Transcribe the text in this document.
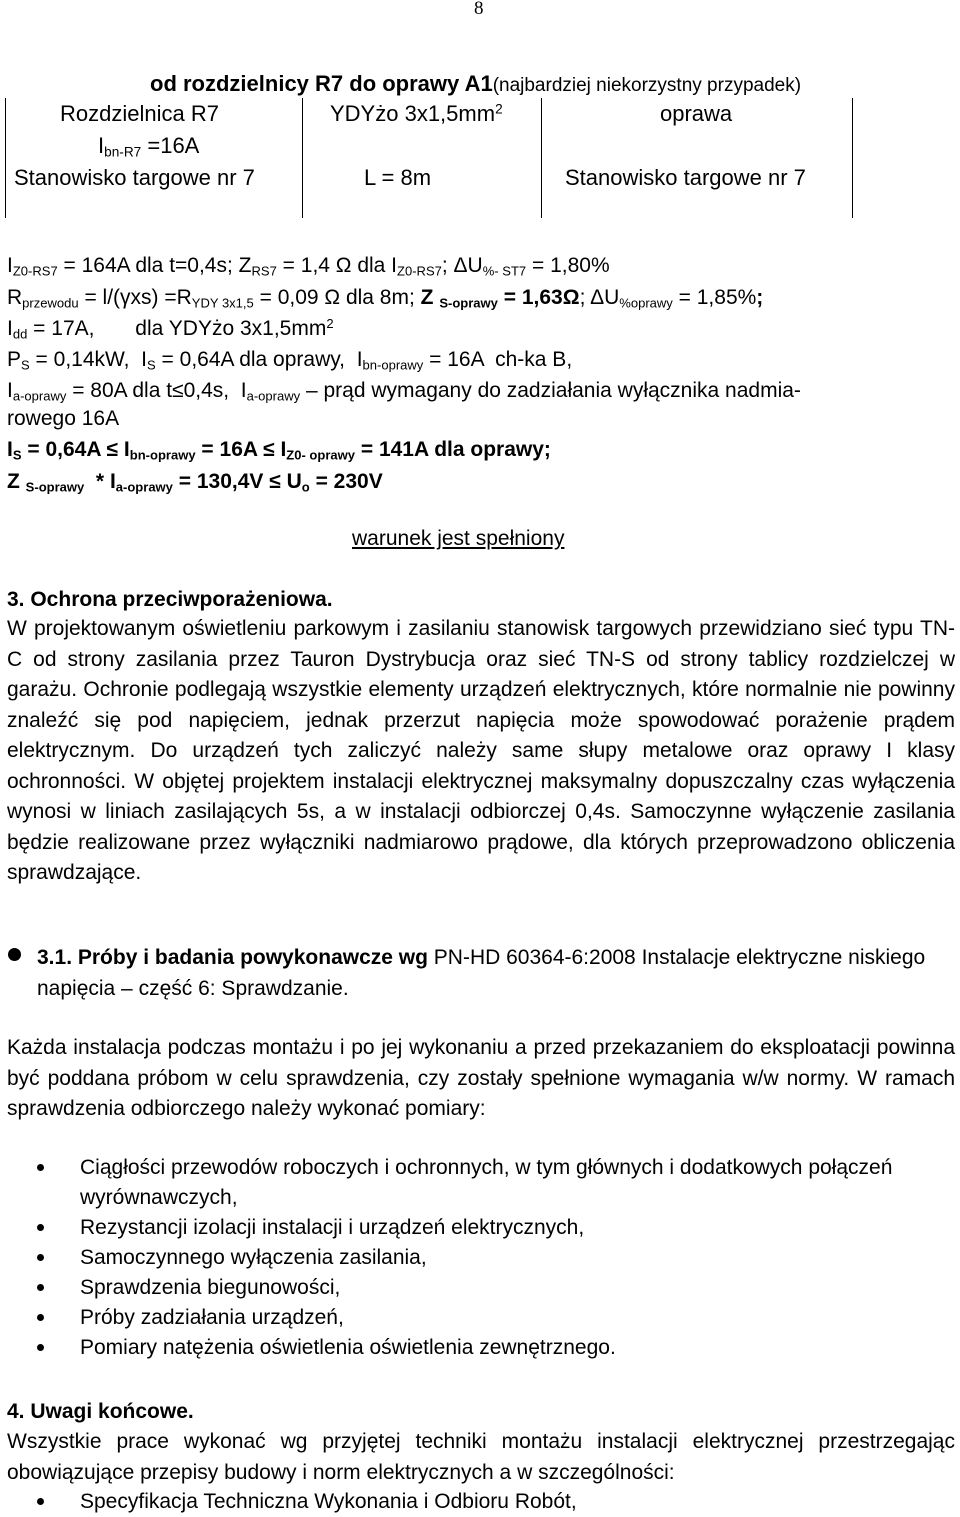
8
od rozdzielnicy R7 do oprawy A1(najbardziej niekorzystny przypadek)
Rozdzielnica R7	YDYżo $3x1,5mm^2$	oprawa
$I_{bn-R7} =16A$
Stanowisko targowe nr 7	L = 8m	Stanowisko targowe nr 7
$I_{Z0-RS7} = 164A$ dla t=0,4s; $Z_{RS7} = 1,4$ Ω dla $I_{Z0-RS7}$; $\Delta U_{\%- ST7} = 1,80\%$
$R_{przewodu} = l/(\gamma xs) =R_{YDY 3x1,5} = 0,09$ Ω dla 8m; Z $_{S-oprawy}$ = 1,63Ω; $\Delta U_{\%oprawy} = 1,85\%$;
$I_{dd} = 17A$,       dla YDYżo $3x1,5mm^2$
$P_S = 0,14kW$,  $I_S = 0,64A$ dla oprawy,  $I_{bn-oprawy} = 16A$  ch-ka B,
$I_{a-oprawy} = 80A$ dla t≤0,4s,  $I_{a-oprawy}$ – prąd wymagany do zadziałania wyłącznika nadmia-
rowego 16A
$I_S = 0,64A \le I_{bn-oprawy} = 16A \le I_{Z0- oprawy} = 141A$ dla oprawy;
Z $_{S-oprawy} * I_{a-oprawy} = 130,4V \le U_o = 230V$
warunek jest spełniony
3. Ochrona przeciwporażeniowa.
W projektowanym oświetleniu parkowym i zasilaniu stanowisk targowych przewidziano sieć typu TN-C od strony zasilania przez Tauron Dystrybucja oraz sieć TN-S od strony tablicy rozdzielczej w garażu. Ochronie podlegają wszystkie elementy urządzeń elektrycznych, które normalnie nie powinny znaleźć się pod napięciem, jednak przerzut napięcia może spowodować porażenie prądem elektrycznym. Do urządzeń tych zaliczyć należy same słupy metalowe oraz oprawy I klasy ochronności. W objętej projektem instalacji elektrycznej maksymalny dopuszczalny czas wyłączenia wynosi w liniach zasilających 5s, a w instalacji odbiorczej 0,4s. Samoczynne wyłączenie zasilania będzie realizowane przez wyłączniki nadmiarowo prądowe, dla których przeprowadzono obliczenia sprawdzające.
3.1. Próby i badania powykonawcze wg PN-HD 60364-6:2008 Instalacje elektryczne niskiego napięcia – część 6: Sprawdzanie.
Każda instalacja podczas montażu i po jej wykonaniu a przed przekazaniem do eksploatacji powinna być poddana próbom w celu sprawdzenia, czy zostały spełnione wymagania w/w normy. W ramach sprawdzenia odbiorczego należy wykonać pomiary:
Ciągłości przewodów roboczych i ochronnych, w tym głównych i dodatkowych połączeń wyrównawczych,
Rezystancji izolacji instalacji i urządzeń elektrycznych,
Samoczynnego wyłączenia zasilania,
Sprawdzenia biegunowości,
Próby zadziałania urządzeń,
Pomiary natężenia oświetlenia oświetlenia zewnętrznego.
4. Uwagi końcowe.
Wszystkie prace wykonać wg przyjętej techniki montażu instalacji elektrycznej przestrzegając obowiązujące przepisy budowy i norm elektrycznych a w szczególności:
Specyfikacja Techniczna Wykonania i Odbioru Robót,
